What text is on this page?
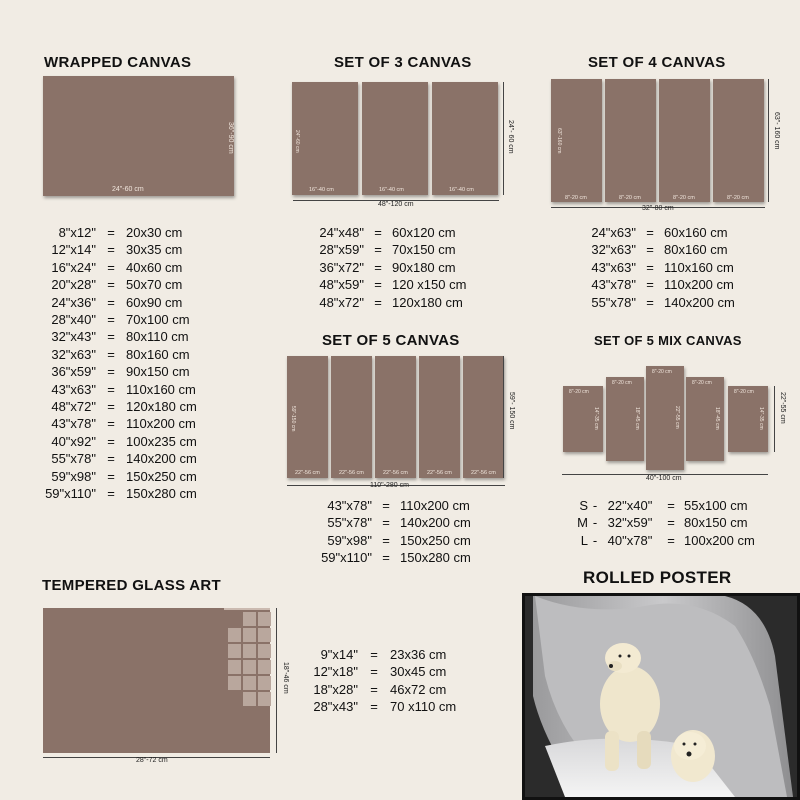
WRAPPED CANVAS
24"-60 cm
36"-90 cm
8"x12" = 20x30 cm
12"x14" = 30x35 cm
16"x24" = 40x60 cm
20"x28" = 50x70 cm
24"x36" = 60x90 cm
28"x40" = 70x100 cm
32"x43" = 80x110 cm
32"x63" = 80x160 cm
36"x59" = 90x150 cm
43"x63" = 110x160 cm
48"x72" = 120x180 cm
43"x78" = 110x200 cm
40"x92" = 100x235 cm
55"x78" = 140x200 cm
59"x98" = 150x250 cm
59"x110" = 150x280 cm
SET OF 3 CANVAS
16"-40 cm	16"-40 cm	16"-40 cm
48"-120 cm
24"- 60 cm
24"-60 cm
24"x48" = 60x120 cm
28"x59" = 70x150 cm
36"x72" = 90x180 cm
48"x59" = 120 x150 cm
48"x72" = 120x180 cm
SET OF 4 CANVAS
8"-20 cm	8"-20 cm	8"-20 cm	8"-20 cm
32"-80 cm
63"- 160 cm
63"-160 cm
24"x63" = 60x160 cm
32"x63" = 80x160 cm
43"x63" = 110x160 cm
43"x78" = 110x200 cm
55"x78" = 140x200 cm
SET OF 5 CANVAS
22"-56 cm	22"-56 cm	22"-56 cm	22"-56 cm	22"-56 cm
110"-280 cm
59"- 150 cm
59"-150 cm
43"x78" = 110x200 cm
55"x78" = 140x200 cm
59"x98" = 150x250 cm
59"x110" = 150x280 cm
SET OF 5 MIX CANVAS
8"-20 cm
14"-35 cm
8"-20 cm
18"-45 cm
8"-20 cm
22"-55 cm
8"-20 cm
18"-45 cm
8"-20 cm
14"-35 cm
40"-100 cm
22"-55 cm
S - 22"x40"	= 55x100 cm
M - 32"x59"	= 80x150 cm
L - 40"x78"	= 100x200 cm
TEMPERED GLASS ART
28"-72 cm
18"-46 cm
9"x14" = 23x36 cm
12"x18" = 30x45 cm
18"x28" = 46x72 cm
28"x43" = 70 x110 cm
ROLLED POSTER
